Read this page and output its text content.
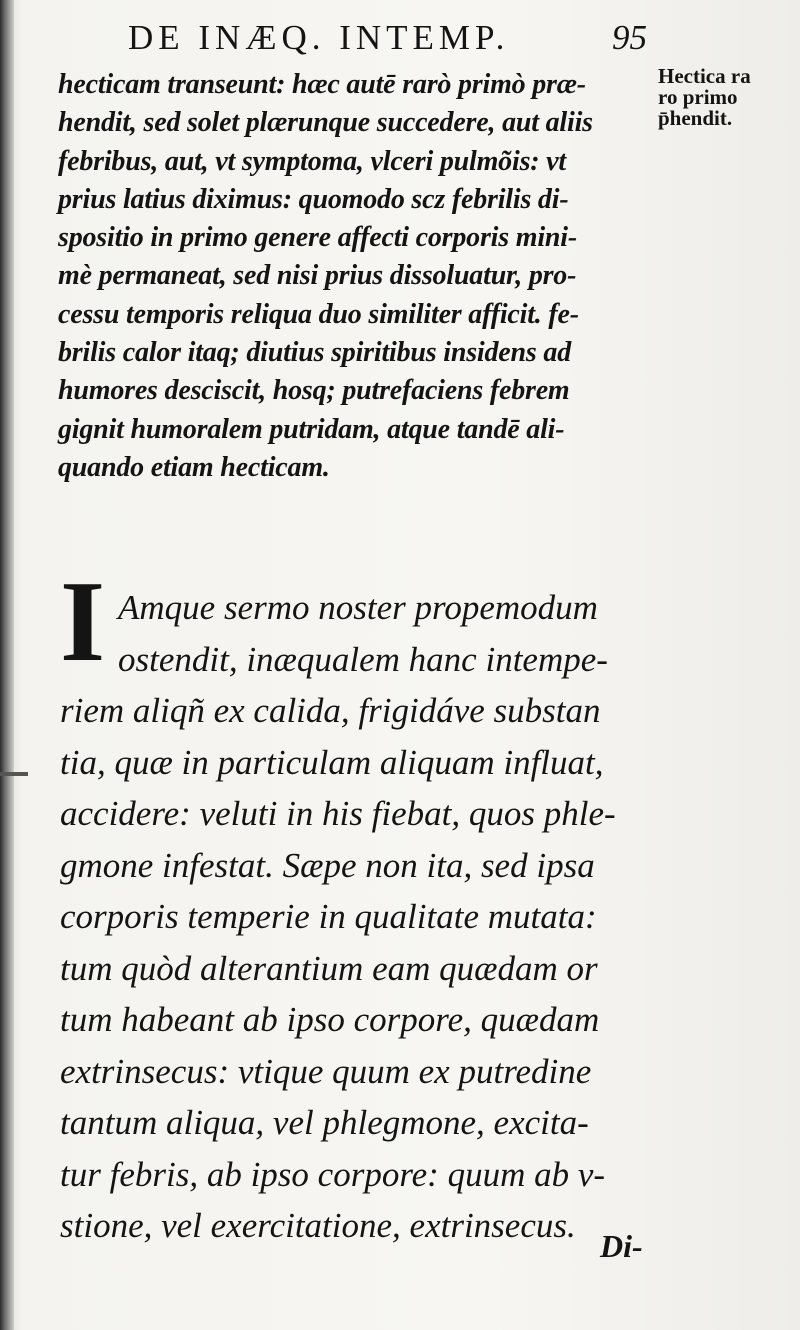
DE INÆQ. INTEMP.	95
hecticam transeunt: hæc autē rarò primò præ-
hendit, sed solet plærunque succedere, aut aliis
febribus, aut, vt symptoma, vlceri pulmõis: vt
prius latius diximus: quomodo scz febrilis di-
spositio in primo genere affecti corporis mini-
mè permaneat, sed nisi prius dissoluatur, pro-
cessu temporis reliqua duo similiter afficit. fe-
brilis calor itaq; diutius spiritibus insidens ad
humores desciscit, hosq; putrefaciens febrem
gignit humoralem putridam, atque tandē ali-
quando etiam hecticam.
Hectica ra
ro primo
p̄hendit.
I Amque sermo noster propemodum
ostendit, inæqualem hanc intempe-
riem aliqñ ex calida, frigidáve substan
tia, quæ in particulam aliquam influat,
accidere: veluti in his fiebat, quos phle-
gmone infestat. Sæpe non ita, sed ipsa
corporis temperie in qualitate mutata:
tum quòd alterantium eam quædam or
tum habeant ab ipso corpore, quædam
extrinsecus: vtique quum ex putredine
tantum aliqua, vel phlegmone, excita-
tur febris, ab ipso corpore: quum ab v-
stione, vel exercitatione, extrinsecus.
Di-
